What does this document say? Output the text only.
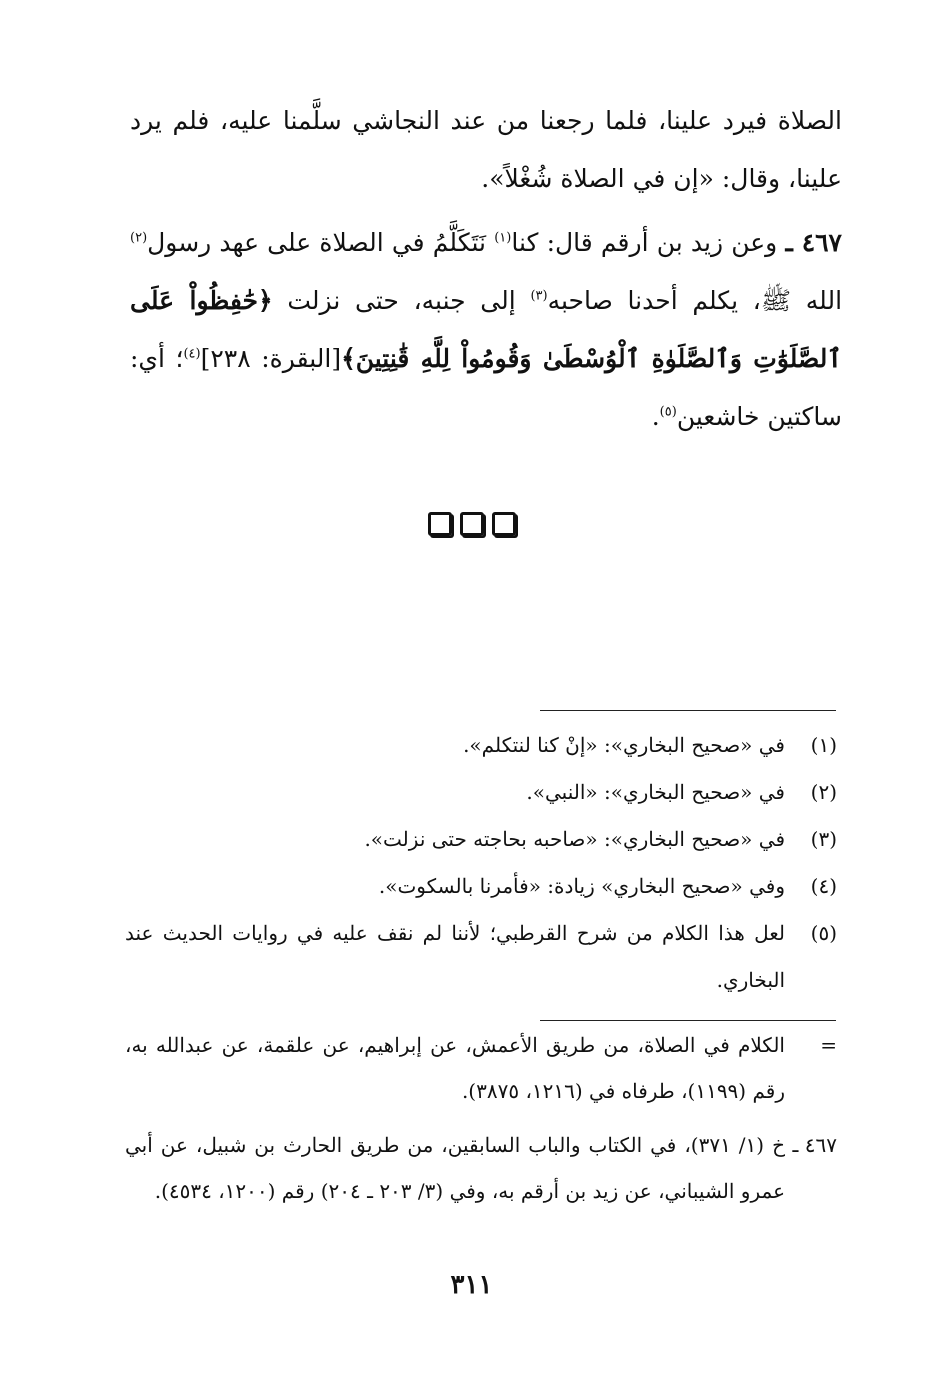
الصلاة فيرد علينا، فلما رجعنا من عند النجاشي سلَّمنا عليه، فلم يرد علينا، وقال: «إن في الصلاة شُغْلاً».

٤٦٧ ـ وعن زيد بن أرقم قال: كنا$^{(١)}$ نَتَكَلَّمُ في الصلاة على عهد رسول$^{(٢)}$ الله ﷺ، يكلم أحدنا صاحبه$^{(٣)}$ إلى جنبه، حتى نزلت ﴿حَٰفِظُواْ عَلَى ٱلصَّلَوَٰتِ وَٱلصَّلَوٰةِ ٱلْوُسْطَىٰ وَقُومُواْ لِلَّهِ قَٰنِتِينَ﴾[البقرة: ٢٣٨]$^{(٤)}$؛ أي: ساكتين خاشعين$^{(٥)}$.

(١)
في «صحيح البخاري»: «إنْ كنا لنتكلم».
(٢)
في «صحيح البخاري»: «النبي».
(٣)
في «صحيح البخاري»: «صاحبه بحاجته حتى نزلت».
(٤)
وفي «صحيح البخاري» زيادة: «فأمرنا بالسكوت».
(٥)
لعل هذا الكلام من شرح القرطبي؛ لأننا لم نقف عليه في روايات الحديث عند البخاري.
=
الكلام في الصلاة، من طريق الأعمش، عن إبراهيم، عن علقمة، عن عبدالله به، رقم (١١٩٩)، طرفاه في (١٢١٦، ٣٨٧٥).
٤٦٧ ـ
خ (١/ ٣٧١)، في الكتاب والباب السابقين، من طريق الحارث بن شبيل، عن أبي عمرو الشيباني، عن زيد بن أرقم به، وفي (٣/ ٢٠٣ ـ ٢٠٤) رقم (١٢٠٠، ٤٥٣٤).
٣١١
